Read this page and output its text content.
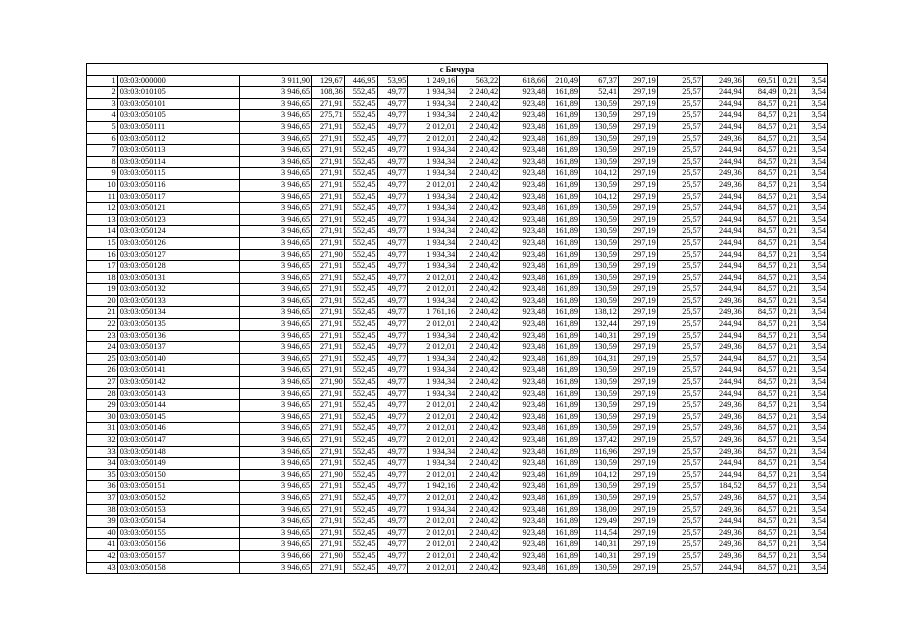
с Бичура																
1	03:03:000000	3 911,90	129,67	446,95	53,95	1 249,16	563,22	618,66	210,49	67,37	297,19	25,57	249,36	69,51	0,21	3,54
2	03:03:010105	3 946,65	108,36	552,45	49,77	1 934,34	2 240,42	923,48	161,89	52,41	297,19	25,57	244,94	84,49	0,21	3,54
3	03:03:050101	3 946,65	271,91	552,45	49,77	1 934,34	2 240,42	923,48	161,89	130,59	297,19	25,57	244,94	84,57	0,21	3,54
4	03:03:050105	3 946,65	275,71	552,45	49,77	1 934,34	2 240,42	923,48	161,89	130,59	297,19	25,57	244,94	84,57	0,21	3,54
5	03:03:050111	3 946,65	271,91	552,45	49,77	2 012,01	2 240,42	923,48	161,89	130,59	297,19	25,57	244,94	84,57	0,21	3,54
6	03:03:050112	3 946,65	271,91	552,45	49,77	2 012,01	2 240,42	923,48	161,89	130,59	297,19	25,57	249,36	84,57	0,21	3,54
7	03:03:050113	3 946,65	271,91	552,45	49,77	1 934,34	2 240,42	923,48	161,89	130,59	297,19	25,57	244,94	84,57	0,21	3,54
8	03:03:050114	3 946,65	271,91	552,45	49,77	1 934,34	2 240,42	923,48	161,89	130,59	297,19	25,57	244,94	84,57	0,21	3,54
9	03:03:050115	3 946,65	271,91	552,45	49,77	1 934,34	2 240,42	923,48	161,89	104,12	297,19	25,57	249,36	84,57	0,21	3,54
10	03:03:050116	3 946,65	271,91	552,45	49,77	2 012,01	2 240,42	923,48	161,89	130,59	297,19	25,57	249,36	84,57	0,21	3,54
11	03:03:050117	3 946,65	271,91	552,45	49,77	1 934,34	2 240,42	923,48	161,89	104,12	297,19	25,57	244,94	84,57	0,21	3,54
12	03:03:050121	3 946,65	271,91	552,45	49,77	1 934,34	2 240,42	923,48	161,89	130,59	297,19	25,57	244,94	84,57	0,21	3,54
13	03:03:050123	3 946,65	271,91	552,45	49,77	1 934,34	2 240,42	923,48	161,89	130,59	297,19	25,57	244,94	84,57	0,21	3,54
14	03:03:050124	3 946,65	271,91	552,45	49,77	1 934,34	2 240,42	923,48	161,89	130,59	297,19	25,57	244,94	84,57	0,21	3,54
15	03:03:050126	3 946,65	271,91	552,45	49,77	1 934,34	2 240,42	923,48	161,89	130,59	297,19	25,57	244,94	84,57	0,21	3,54
16	03:03:050127	3 946,65	271,90	552,45	49,77	1 934,34	2 240,42	923,48	161,89	130,59	297,19	25,57	244,94	84,57	0,21	3,54
17	03:03:050128	3 946,65	271,91	552,45	49,77	1 934,34	2 240,42	923,48	161,89	130,59	297,19	25,57	244,94	84,57	0,21	3,54
18	03:03:050131	3 946,65	271,91	552,45	49,77	2 012,01	2 240,42	923,48	161,89	130,59	297,19	25,57	244,94	84,57	0,21	3,54
19	03:03:050132	3 946,65	271,91	552,45	49,77	2 012,01	2 240,42	923,48	161,89	130,59	297,19	25,57	244,94	84,57	0,21	3,54
20	03:03:050133	3 946,65	271,91	552,45	49,77	1 934,34	2 240,42	923,48	161,89	130,59	297,19	25,57	249,36	84,57	0,21	3,54
21	03:03:050134	3 946,65	271,91	552,45	49,77	1 761,16	2 240,42	923,48	161,89	138,12	297,19	25,57	249,36	84,57	0,21	3,54
22	03:03:050135	3 946,65	271,91	552,45	49,77	2 012,01	2 240,42	923,48	161,89	132,44	297,19	25,57	244,94	84,57	0,21	3,54
23	03:03:050136	3 946,65	271,91	552,45	49,77	1 934,34	2 240,42	923,48	161,89	140,31	297,19	25,57	244,94	84,57	0,21	3,54
24	03:03:050137	3 946,65	271,91	552,45	49,77	2 012,01	2 240,42	923,48	161,89	130,59	297,19	25,57	249,36	84,57	0,21	3,54
25	03:03:050140	3 946,65	271,91	552,45	49,77	1 934,34	2 240,42	923,48	161,89	104,31	297,19	25,57	244,94	84,57	0,21	3,54
26	03:03:050141	3 946,65	271,91	552,45	49,77	1 934,34	2 240,42	923,48	161,89	130,59	297,19	25,57	244,94	84,57	0,21	3,54
27	03:03:050142	3 946,65	271,90	552,45	49,77	1 934,34	2 240,42	923,48	161,89	130,59	297,19	25,57	244,94	84,57	0,21	3,54
28	03:03:050143	3 946,65	271,91	552,45	49,77	1 934,34	2 240,42	923,48	161,89	130,59	297,19	25,57	244,94	84,57	0,21	3,54
29	03:03:050144	3 946,65	271,91	552,45	49,77	2 012,01	2 240,42	923,48	161,89	130,59	297,19	25,57	249,36	84,57	0,21	3,54
30	03:03:050145	3 946,65	271,91	552,45	49,77	2 012,01	2 240,42	923,48	161,89	130,59	297,19	25,57	249,36	84,57	0,21	3,54
31	03:03:050146	3 946,65	271,91	552,45	49,77	2 012,01	2 240,42	923,48	161,89	130,59	297,19	25,57	249,36	84,57	0,21	3,54
32	03:03:050147	3 946,65	271,91	552,45	49,77	2 012,01	2 240,42	923,48	161,89	137,42	297,19	25,57	249,36	84,57	0,21	3,54
33	03:03:050148	3 946,65	271,91	552,45	49,77	1 934,34	2 240,42	923,48	161,89	116,96	297,19	25,57	249,36	84,57	0,21	3,54
34	03:03:050149	3 946,65	271,91	552,45	49,77	1 934,34	2 240,42	923,48	161,89	130,59	297,19	25,57	244,94	84,57	0,21	3,54
35	03:03:050150	3 946,65	271,90	552,45	49,77	2 012,01	2 240,42	923,48	161,89	104,12	297,19	25,57	244,94	84,57	0,21	3,54
36	03:03:050151	3 946,65	271,91	552,45	49,77	1 942,16	2 240,42	923,48	161,89	130,59	297,19	25,57	184,52	84,57	0,21	3,54
37	03:03:050152	3 946,65	271,91	552,45	49,77	2 012,01	2 240,42	923,48	161,89	130,59	297,19	25,57	249,36	84,57	0,21	3,54
38	03:03:050153	3 946,65	271,91	552,45	49,77	1 934,34	2 240,42	923,48	161,89	138,09	297,19	25,57	249,36	84,57	0,21	3,54
39	03:03:050154	3 946,65	271,91	552,45	49,77	2 012,01	2 240,42	923,48	161,89	129,49	297,19	25,57	244,94	84,57	0,21	3,54
40	03:03:050155	3 946,65	271,91	552,45	49,77	2 012,01	2 240,42	923,48	161,89	114,54	297,19	25,57	249,36	84,57	0,21	3,54
41	03:03:050156	3 946,65	271,91	552,45	49,77	2 012,01	2 240,42	923,48	161,89	140,31	297,19	25,57	249,36	84,57	0,21	3,54
42	03:03:050157	3 946,66	271,90	552,45	49,77	2 012,01	2 240,42	923,48	161,89	140,31	297,19	25,57	249,36	84,57	0,21	3,54
43	03:03:050158	3 946,65	271,91	552,45	49,77	2 012,01	2 240,42	923,48	161,89	130,59	297,19	25,57	244,94	84,57	0,21	3,54
